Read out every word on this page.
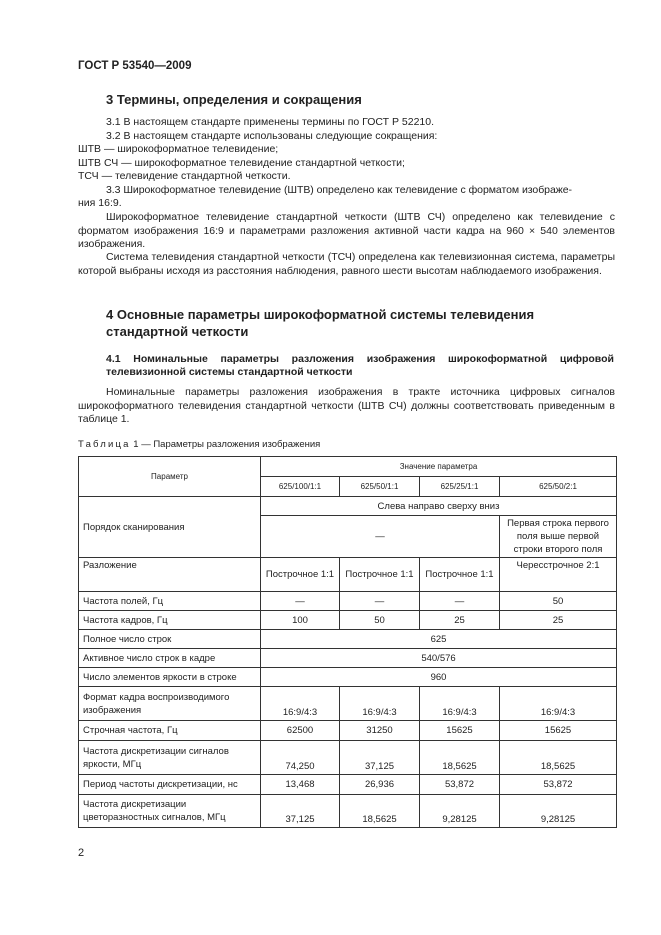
ГОСТ Р 53540—2009
3 Термины, определения и сокращения
3.1 В настоящем стандарте применены термины по ГОСТ Р 52210.
3.2 В настоящем стандарте использованы следующие сокращения:
ШТВ — широкоформатное телевидение;
ШТВ СЧ — широкоформатное телевидение стандартной четкости;
ТСЧ — телевидение стандартной четкости.
3.3 Широкоформатное телевидение (ШТВ) определено как телевидение с форматом изображе-
ния 16:9.
Широкоформатное телевидение стандартной четкости (ШТВ СЧ) определено как телевидение с форматом изображения 16:9 и параметрами разложения активной части кадра на 960 × 540 элементов изображения.
Система телевидения стандартной четкости (ТСЧ) определена как телевизионная система, параметры которой выбраны исходя из расстояния наблюдения, равного шести высотам наблюдаемого изображения.
4 Основные параметры широкоформатной системы телевидения
стандартной четкости
4.1 Номинальные параметры разложения изображения широкоформатной цифровой телевизионной системы стандартной четкости
Номинальные параметры разложения изображения в тракте источника цифровых сигналов широкоформатного телевидения стандартной четкости (ШТВ СЧ) должны соответствовать приведенным в таблице 1.
Таблица 1 — Параметры разложения изображения
Параметр	Значение параметра			
	625/100/1:1	625/50/1:1	625/25/1:1	625/50/2:1
Порядок сканирования	Слева направо сверху вниз			
	—			Первая строка первого поля выше первой строки второго поля
Разложение	Построчное 1:1	Построчное 1:1	Построчное 1:1	Чересстрочное 2:1
Частота полей, Гц	—	—	—	50
Частота кадров, Гц	100	50	25	25
Полное число строк	625			
Активное число строк в кадре	540/576			
Число элементов яркости в строке	960			
Формат кадра воспроизводимого изображения	16:9/4:3	16:9/4:3	16:9/4:3	16:9/4:3
Строчная частота, Гц	62500	31250	15625	15625
Частота дискретизации сигналов яркости, МГц	74,250	37,125	18,5625	18,5625
Период частоты дискретизации, нс	13,468	26,936	53,872	53,872
Частота дискретизации цветоразностных сигналов, МГц	37,125	18,5625	9,28125	9,28125
2
